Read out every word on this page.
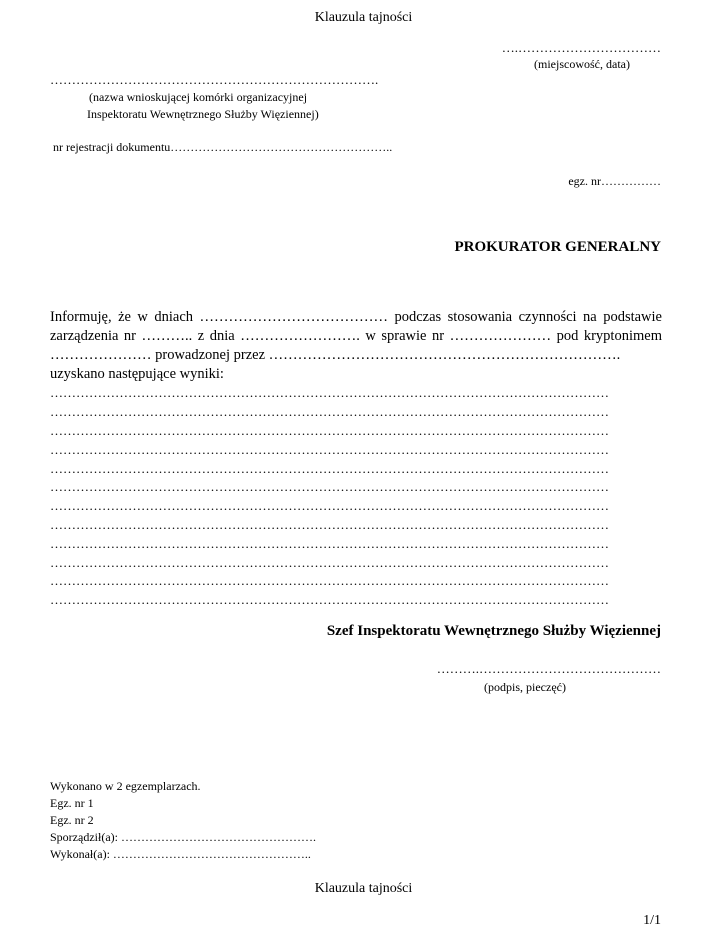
Klauzula tajności
….……………………………
(miejscowość, data)
………………………………………………………………….
(nazwa wnioskującej komórki organizacyjnej
Inspektoratu Wewnętrznego Służby Więziennej)
nr rejestracji dokumentu………………………………………………..
egz. nr……………
PROKURATOR GENERALNY
Informuję, że w dniach ………………………………… podczas stosowania czynności na podstawie
zarządzenia nr ……….. z dnia ……………………. w sprawie nr ………………… pod kryptonimem
………………… prowadzonej przez ……………………………………………………………….
uzyskano następujące wyniki:
…………………………………………………………………………………………………………………
…………………………………………………………………………………………………………………
…………………………………………………………………………………………………………………
…………………………………………………………………………………………………………………
…………………………………………………………………………………………………………………
…………………………………………………………………………………………………………………
…………………………………………………………………………………………………………………
…………………………………………………………………………………………………………………
…………………………………………………………………………………………………………………
…………………………………………………………………………………………………………………
…………………………………………………………………………………………………………………
…………………………………………………………………………………………………………………
Szef Inspektoratu Wewnętrznego Służby Więziennej
……….……………………………………
(podpis, pieczęć)
Wykonano w 2 egzemplarzach.
Egz. nr 1
Egz. nr 2
Sporządził(a): ………………………………………….
Wykonał(a): …………………………………………..
Klauzula tajności
1/1
